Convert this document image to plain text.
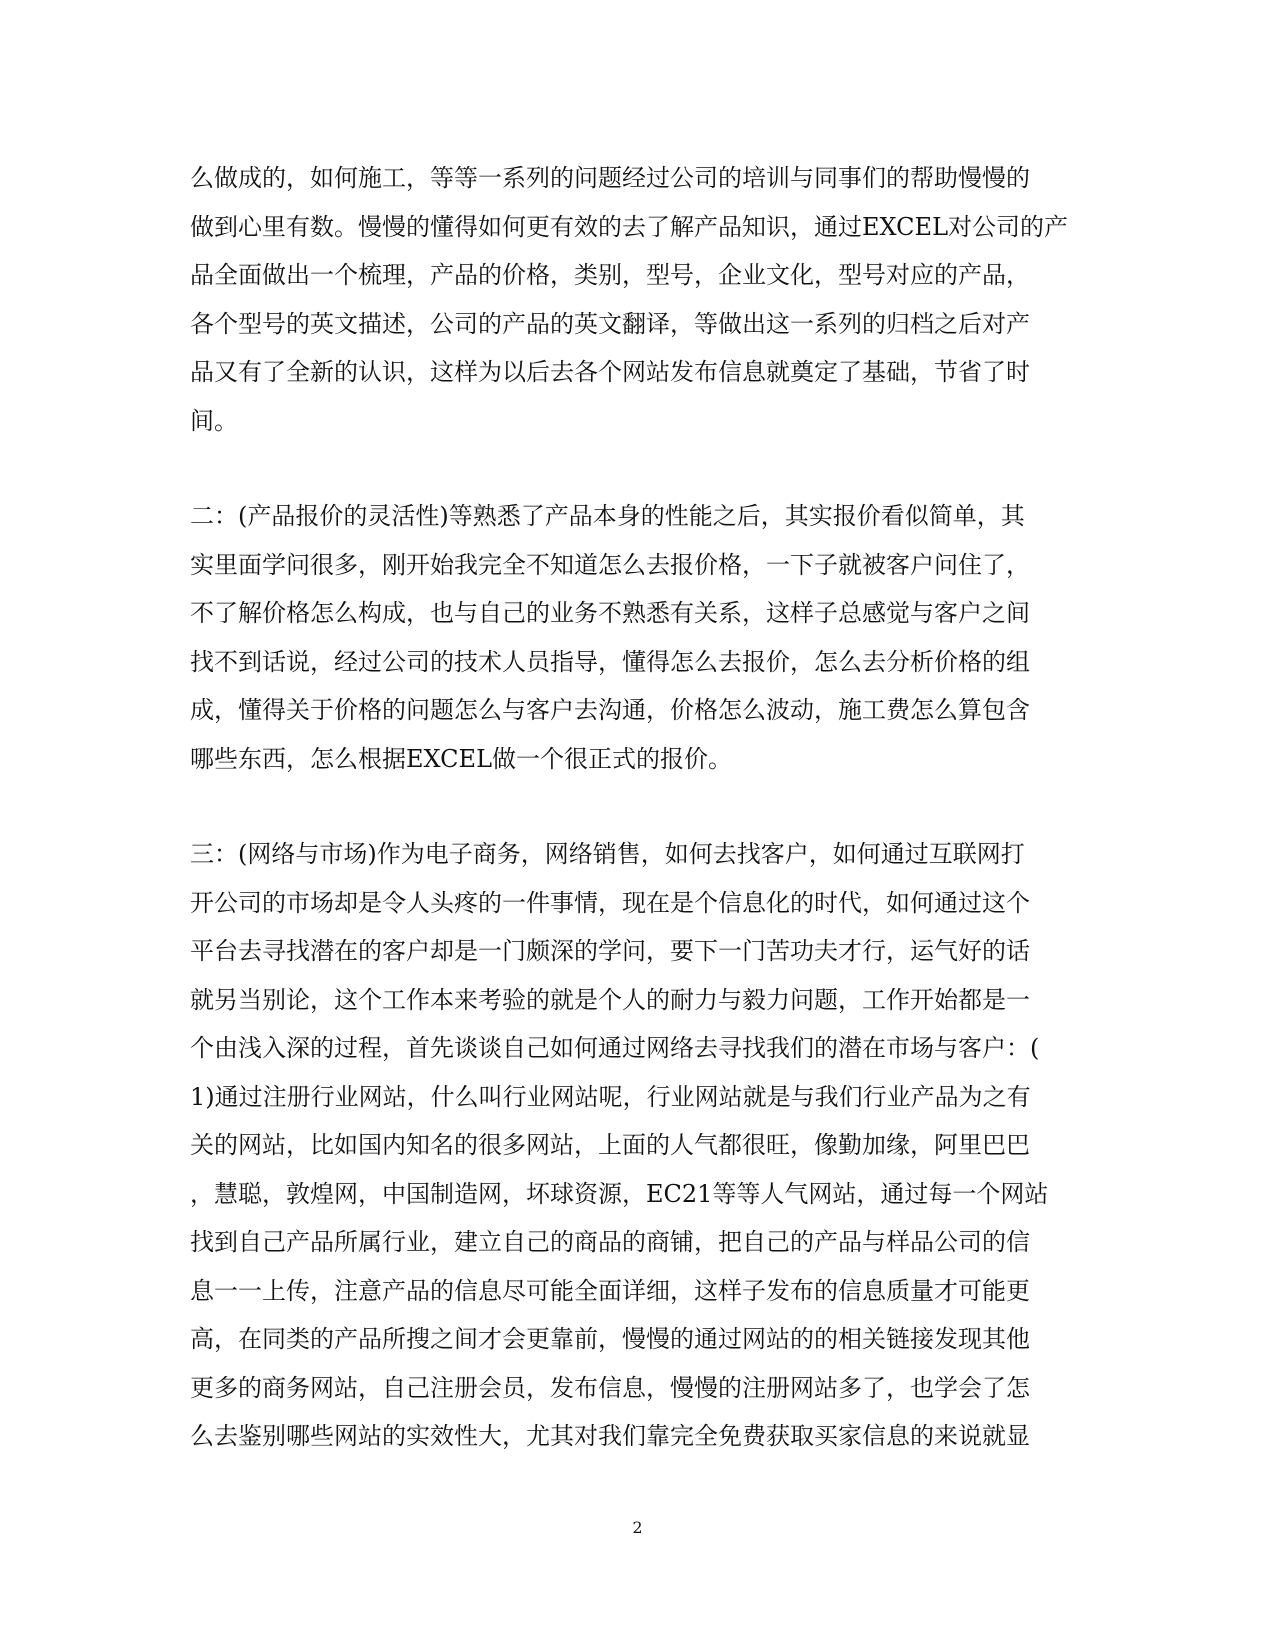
么做成的，如何施工，等等一系列的问题经过公司的培训与同事们的帮助慢慢的
做到心里有数。慢慢的懂得如何更有效的去了解产品知识，通过EXCEL对公司的产
品全面做出一个梳理，产品的价格，类别，型号，企业文化，型号对应的产品，
各个型号的英文描述，公司的产品的英文翻译，等做出这一系列的归档之后对产
品又有了全新的认识，这样为以后去各个网站发布信息就奠定了基础，节省了时
间。

二：(产品报价的灵活性)等熟悉了产品本身的性能之后，其实报价看似简单，其
实里面学问很多，刚开始我完全不知道怎么去报价格，一下子就被客户问住了，
不了解价格怎么构成，也与自己的业务不熟悉有关系，这样子总感觉与客户之间
找不到话说，经过公司的技术人员指导，懂得怎么去报价，怎么去分析价格的组
成，懂得关于价格的问题怎么与客户去沟通，价格怎么波动，施工费怎么算包含
哪些东西，怎么根据EXCEL做一个很正式的报价。

三：(网络与市场)作为电子商务，网络销售，如何去找客户，如何通过互联网打
开公司的市场却是令人头疼的一件事情，现在是个信息化的时代，如何通过这个
平台去寻找潜在的客户却是一门颇深的学问，要下一门苦功夫才行，运气好的话
就另当别论，这个工作本来考验的就是个人的耐力与毅力问题，工作开始都是一
个由浅入深的过程，首先谈谈自己如何通过网络去寻找我们的潜在市场与客户：(
1)通过注册行业网站，什么叫行业网站呢，行业网站就是与我们行业产品为之有
关的网站，比如国内知名的很多网站，上面的人气都很旺，像勤加缘，阿里巴巴
，慧聪，敦煌网，中国制造网，坏球资源，EC21等等人气网站，通过每一个网站
找到自己产品所属行业，建立自己的商品的商铺，把自己的产品与样品公司的信
息一一上传，注意产品的信息尽可能全面详细，这样子发布的信息质量才可能更
高，在同类的产品所搜之间才会更靠前，慢慢的通过网站的的相关链接发现其他
更多的商务网站，自己注册会员，发布信息，慢慢的注册网站多了，也学会了怎
么去鉴别哪些网站的实效性大，尤其对我们靠完全免费获取买家信息的来说就显

2
